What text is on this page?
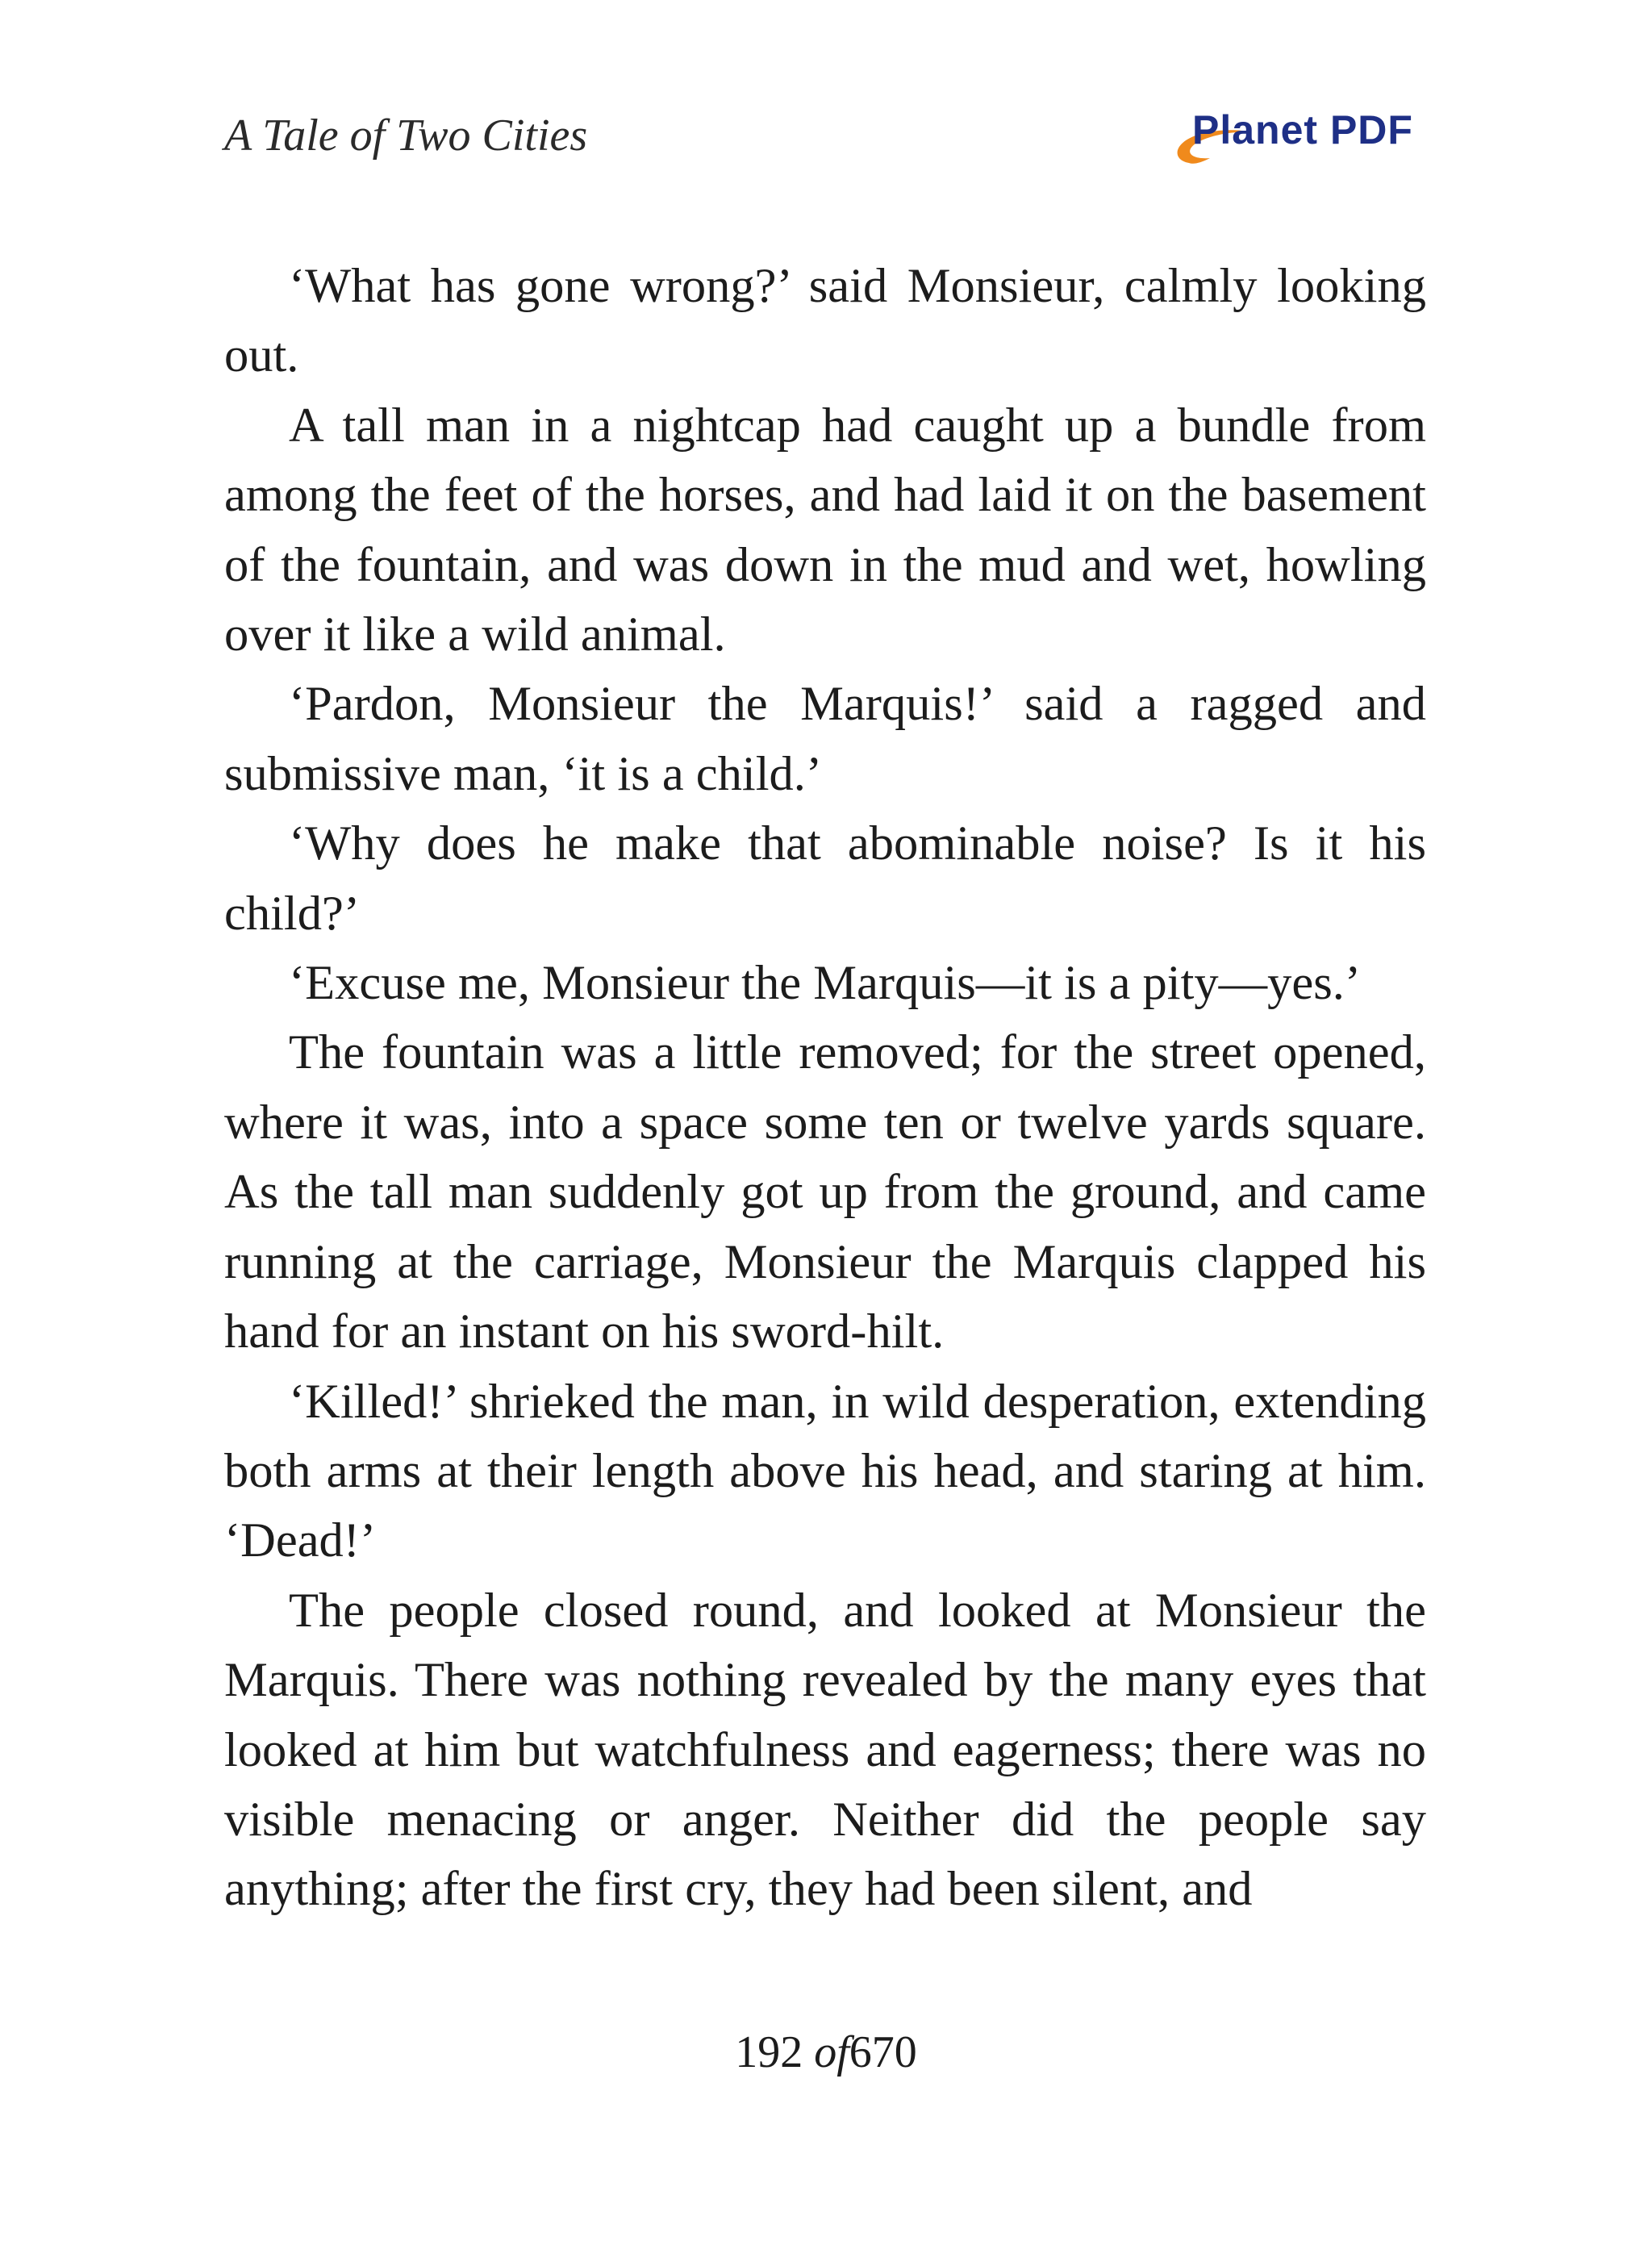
A Tale of Two Cities	Planet PDF

‘What has gone wrong?’ said Monsieur, calmly looking out.

A tall man in a nightcap had caught up a bundle from among the feet of the horses, and had laid it on the basement of the fountain, and was down in the mud and wet, howling over it like a wild animal.

‘Pardon, Monsieur the Marquis!’ said a ragged and submissive man, ‘it is a child.’

‘Why does he make that abominable noise? Is it his child?’

‘Excuse me, Monsieur the Marquis—it is a pity—yes.’

The fountain was a little removed; for the street opened, where it was, into a space some ten or twelve yards square. As the tall man suddenly got up from the ground, and came running at the carriage, Monsieur the Marquis clapped his hand for an instant on his sword-hilt.

‘Killed!’ shrieked the man, in wild desperation, extending both arms at their length above his head, and staring at him. ‘Dead!’

The people closed round, and looked at Monsieur the Marquis. There was nothing revealed by the many eyes that looked at him but watchfulness and eagerness; there was no visible menacing or anger. Neither did the people say anything; after the first cry, they had been silent, and

192 of670
